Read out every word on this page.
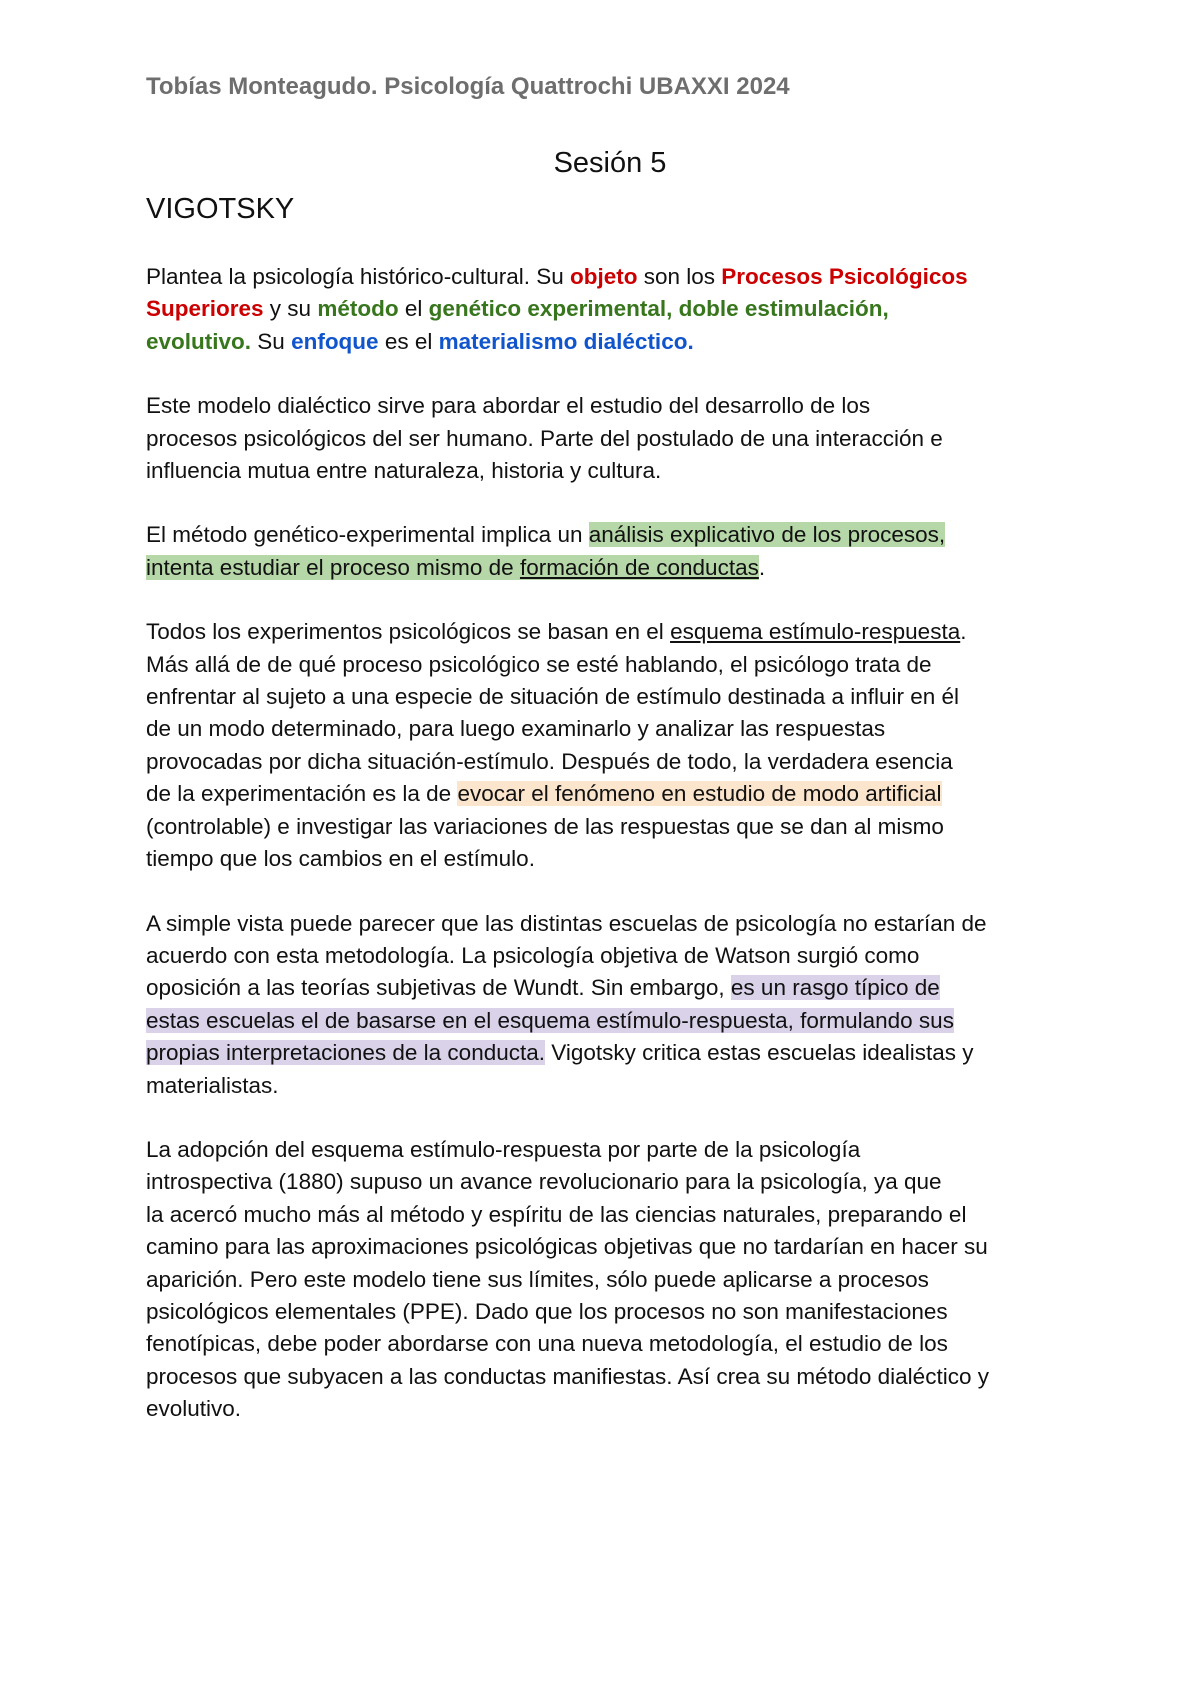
Tobías Monteagudo. Psicología Quattrochi UBAXXI 2024

Sesión 5

VIGOTSKY

Plantea la psicología histórico-cultural. Su objeto son los Procesos Psicológicos
Superiores y su método el genético experimental, doble estimulación,
evolutivo. Su enfoque es el materialismo dialéctico.

Este modelo dialéctico sirve para abordar el estudio del desarrollo de los
procesos psicológicos del ser humano. Parte del postulado de una interacción e
influencia mutua entre naturaleza, historia y cultura.

El método genético-experimental implica un análisis explicativo de los procesos,
intenta estudiar el proceso mismo de formación de conductas.

Todos los experimentos psicológicos se basan en el esquema estímulo-respuesta.
Más allá de de qué proceso psicológico se esté hablando, el psicólogo trata de
enfrentar al sujeto a una especie de situación de estímulo destinada a influir en él
de un modo determinado, para luego examinarlo y analizar las respuestas
provocadas por dicha situación-estímulo. Después de todo, la verdadera esencia
de la experimentación es la de evocar el fenómeno en estudio de modo artificial
(controlable) e investigar las variaciones de las respuestas que se dan al mismo
tiempo que los cambios en el estímulo.

A simple vista puede parecer que las distintas escuelas de psicología no estarían de
acuerdo con esta metodología. La psicología objetiva de Watson surgió como
oposición a las teorías subjetivas de Wundt. Sin embargo, es un rasgo típico de
estas escuelas el de basarse en el esquema estímulo-respuesta, formulando sus
propias interpretaciones de la conducta. Vigotsky critica estas escuelas idealistas y
materialistas.

La adopción del esquema estímulo-respuesta por parte de la psicología
introspectiva (1880) supuso un avance revolucionario para la psicología, ya que
la acercó mucho más al método y espíritu de las ciencias naturales, preparando el
camino para las aproximaciones psicológicas objetivas que no tardarían en hacer su
aparición. Pero este modelo tiene sus límites, sólo puede aplicarse a procesos
psicológicos elementales (PPE). Dado que los procesos no son manifestaciones
fenotípicas, debe poder abordarse con una nueva metodología, el estudio de los
procesos que subyacen a las conductas manifiestas. Así crea su método dialéctico y
evolutivo.
